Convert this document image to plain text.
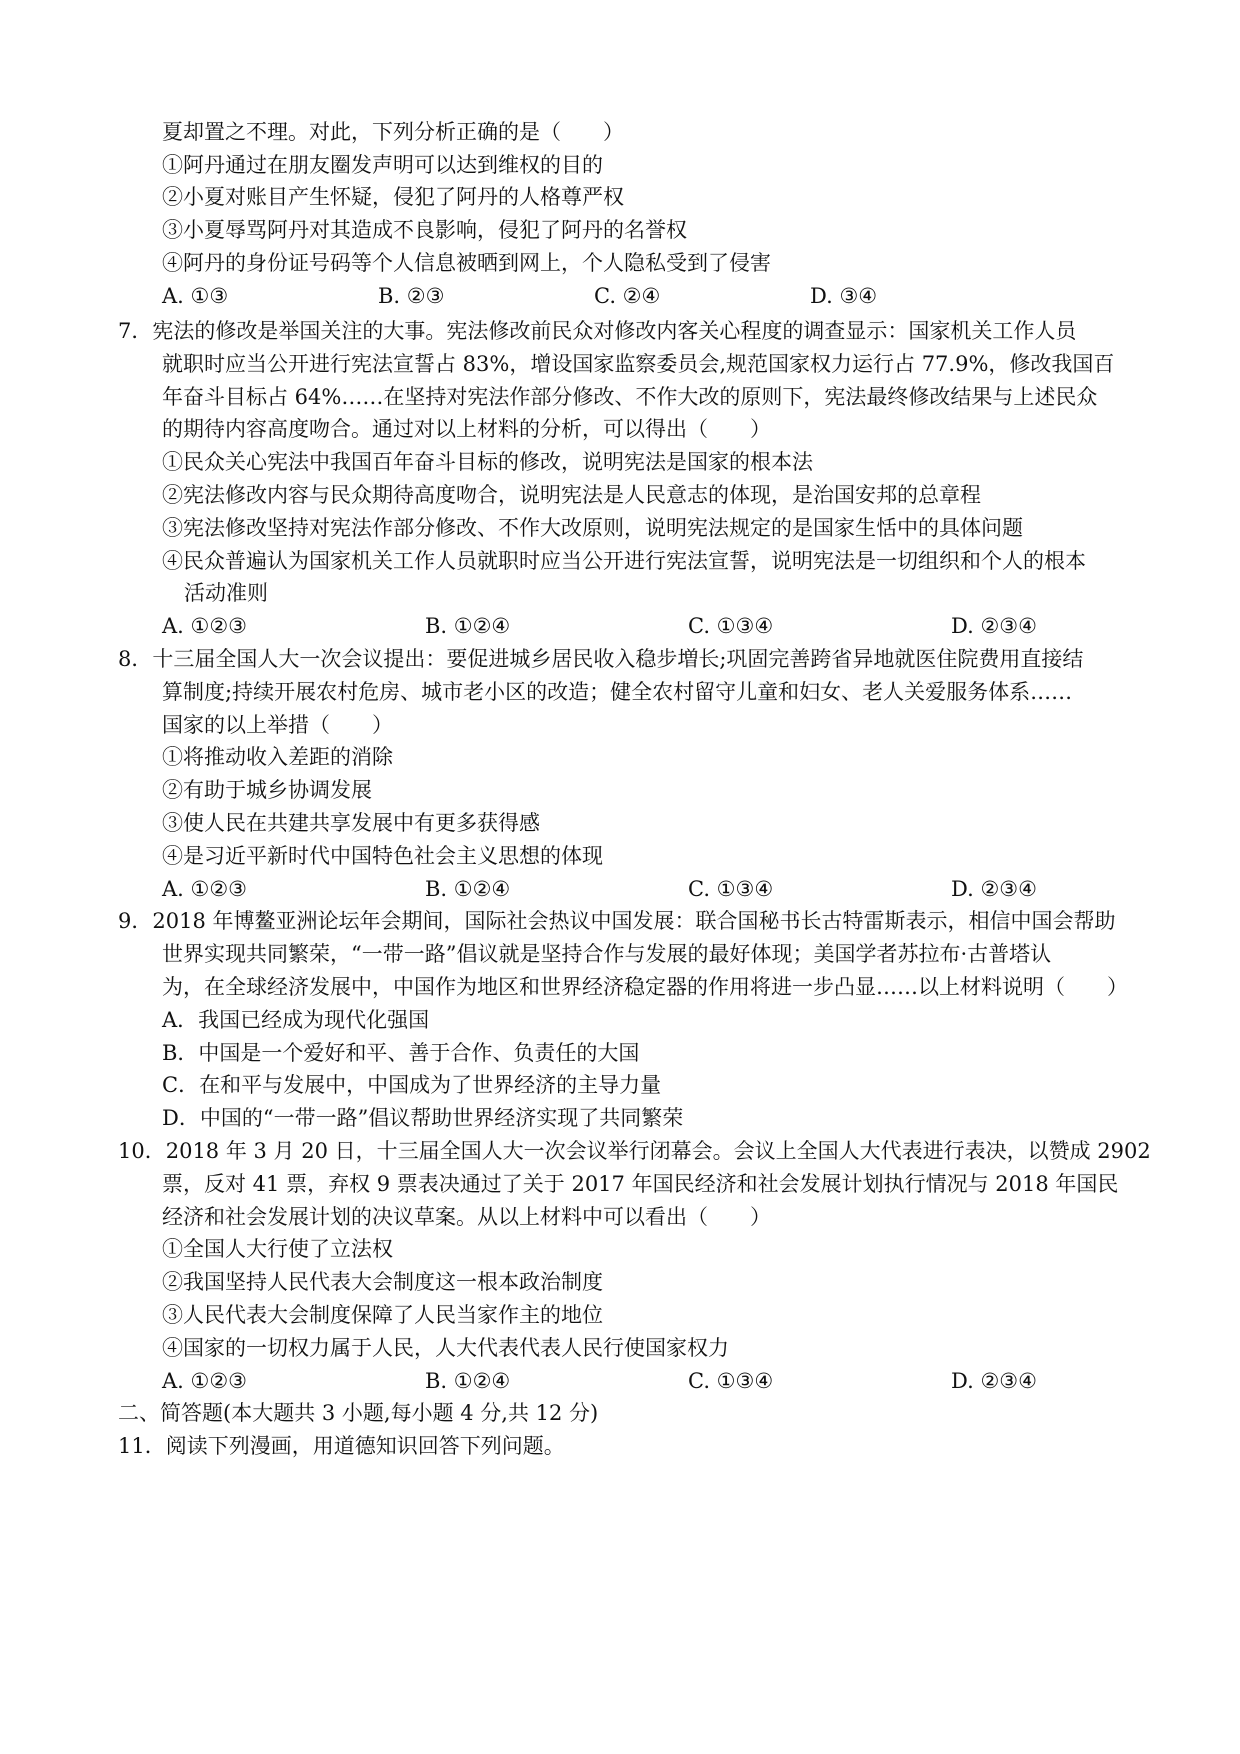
夏却置之不理。对此，下列分析正确的是（　　）
①阿丹通过在朋友圈发声明可以达到维权的目的
②小夏对账目产生怀疑，侵犯了阿丹的人格尊严权
③小夏辱骂阿丹对其造成不良影响，侵犯了阿丹的名誉权
④阿丹的身份证号码等个人信息被晒到网上，个人隐私受到了侵害
A. ①③	B. ②③	C. ②④	D. ③④
7．宪法的修改是举国关注的大事。宪法修改前民众对修改内客关心程度的调查显示：国家机关工作人员
就职时应当公开进行宪法宣誓占 83%，增设国家监察委员会,规范国家权力运行占 77.9%，修改我国百
年奋斗目标占 64%……在坚持对宪法作部分修改、不作大改的原则下，宪法最终修改结果与上述民众
的期待内容高度吻合。通过对以上材料的分析，可以得出（　　）
①民众关心宪法中我国百年奋斗目标的修改，说明宪法是国家的根本法
②宪法修改内容与民众期待高度吻合，说明宪法是人民意志的体现，是治国安邦的总章程
③宪法修改坚持对宪法作部分修改、不作大改原则，说明宪法规定的是国家生恬中的具体问题
④民众普遍认为国家机关工作人员就职时应当公开进行宪法宣誓，说明宪法是一切组织和个人的根本
活动准则
A. ①②③	B. ①②④	C. ①③④	D. ②③④
8．十三届全国人大一次会议提出：要促进城乡居民收入稳步増长;巩固完善跨省异地就医住院费用直接结
算制度;持续开展农村危房、城市老小区的改造；健全农村留守儿童和妇女、老人关爱服务体系……
国家的以上举措（　　）
①将推动收入差距的消除
②有助于城乡协调发展
③使人民在共建共享发展中有更多获得感
④是习近平新时代中国特色社会主义思想的体现
A. ①②③	B. ①②④	C. ①③④	D. ②③④
9．2018 年博鳌亚洲论坛年会期间，国际社会热议中国发展：联合国秘书长古特雷斯表示，相信中国会帮助
世界实现共同繁荣，“一带一路”倡议就是坚持合作与发展的最好体现；美国学者苏拉布·古普塔认
为，在全球经济发展中，中国作为地区和世界经济稳定器的作用将进一步凸显……以上材料说明（　　）
A．我国已经成为现代化强国
B．中国是一个爱好和平、善于合作、负责任的大国
C．在和平与发展中，中国成为了世界经济的主导力量
D．中国的“一带一路”倡议帮助世界经济实现了共同繁荣
10．2018 年 3 月 20 日，十三届全国人大一次会议举行闭幕会。会议上全国人大代表进行表决，以赞成 2902
票，反对 41 票，弃权 9 票表决通过了关于 2017 年国民经济和社会发展计划执行情况与 2018 年国民
经济和社会发展计划的决议草案。从以上材料中可以看出（　　）
①全国人大行使了立法权
②我国坚持人民代表大会制度这一根本政治制度
③人民代表大会制度保障了人民当家作主的地位
④国家的一切权力属于人民，人大代表代表人民行使国家权力
A. ①②③	B. ①②④	C. ①③④	D. ②③④
二、简答题(本大题共 3 小题,每小题 4 分,共 12 分)
11．阅读下列漫画，用道德知识回答下列问题。
